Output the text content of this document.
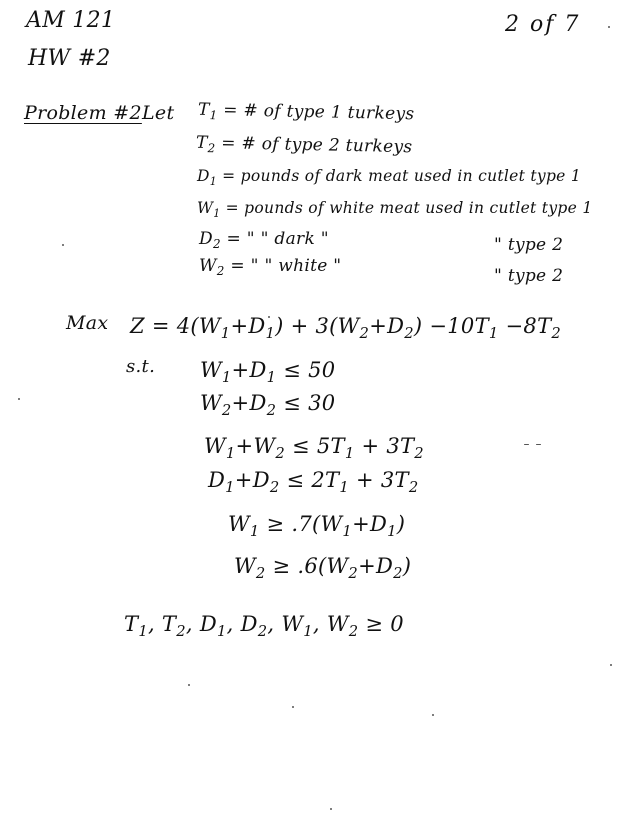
AM 121
HW #2
2 of 7
Problem #2 Let $T_1$ = # of type 1 turkeys
$T_2$ = # of type 2 turkeys
$D_1$ = pounds of dark meat used in cutlet type 1
$W_1$ = pounds of white meat used in cutlet type 1
$D_2$ = " " dark "	" type 2
$W_2$ = " " white "	" type 2
Max $Z = 4(W_1+D_1) + 3(W_2+D_2) -10T_1 -8T_2$
s.t. $W_1+D_1 \le 50$
$W_2+D_2 \le 30$
$W_1+W_2 \le 5T_1 + 3T_2$
$D_1+D_2 \le 2T_1 + 3T_2$
$W_1 \ge .7(W_1+D_1)$
$W_2 \ge .6(W_2+D_2)$
$T_1$, $T_2$, $D_1$, $D_2$, $W_1$, $W_2 \ge 0$
